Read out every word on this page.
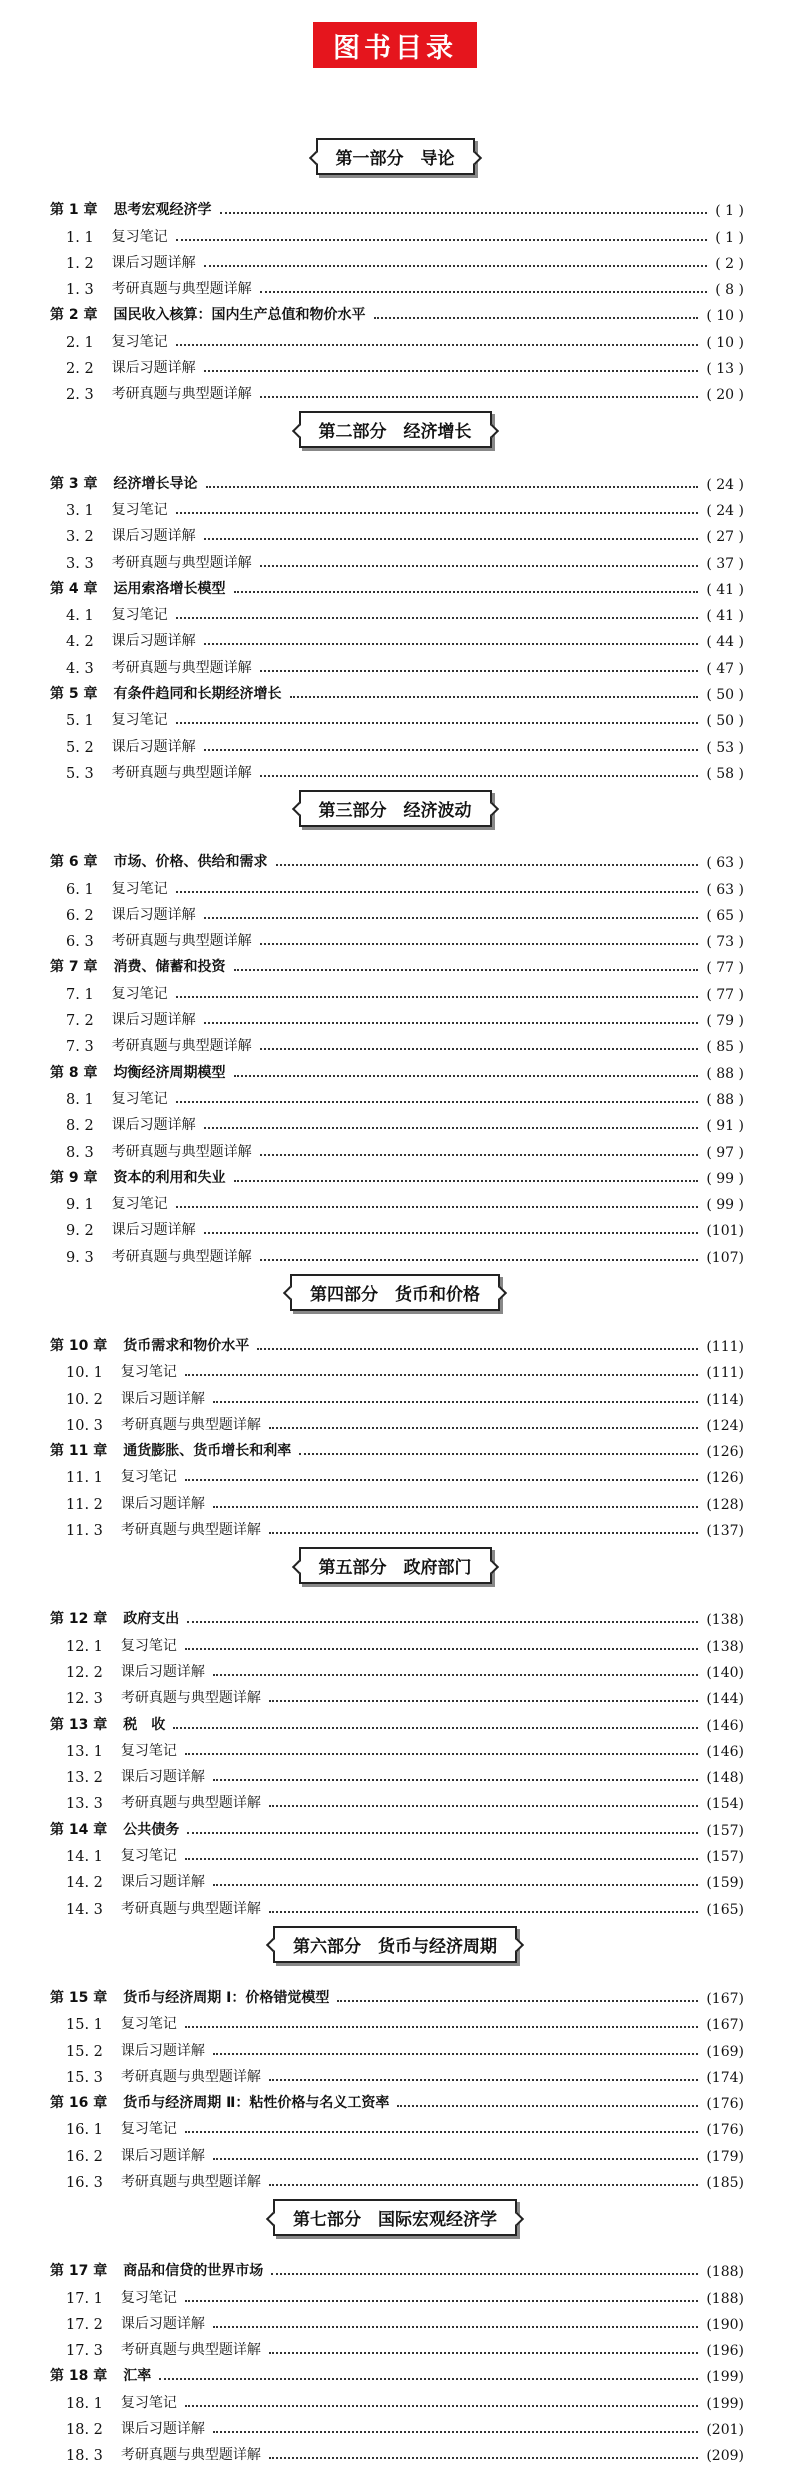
图书目录
第一部分　导论
第 1 章 思考宏观经济学	( 1 )
1. 1 复习笔记	( 1 )
1. 2 课后习题详解	( 2 )
1. 3 考研真题与典型题详解	( 8 )
第 2 章 国民收入核算：国内生产总值和物价水平	( 10 )
2. 1 复习笔记	( 10 )
2. 2 课后习题详解	( 13 )
2. 3 考研真题与典型题详解	( 20 )
第二部分　经济增长
第 3 章 经济增长导论	( 24 )
3. 1 复习笔记	( 24 )
3. 2 课后习题详解	( 27 )
3. 3 考研真题与典型题详解	( 37 )
第 4 章 运用索洛增长模型	( 41 )
4. 1 复习笔记	( 41 )
4. 2 课后习题详解	( 44 )
4. 3 考研真题与典型题详解	( 47 )
第 5 章 有条件趋同和长期经济增长	( 50 )
5. 1 复习笔记	( 50 )
5. 2 课后习题详解	( 53 )
5. 3 考研真题与典型题详解	( 58 )
第三部分　经济波动
第 6 章 市场、价格、供给和需求	( 63 )
6. 1 复习笔记	( 63 )
6. 2 课后习题详解	( 65 )
6. 3 考研真题与典型题详解	( 73 )
第 7 章 消费、储蓄和投资	( 77 )
7. 1 复习笔记	( 77 )
7. 2 课后习题详解	( 79 )
7. 3 考研真题与典型题详解	( 85 )
第 8 章 均衡经济周期模型	( 88 )
8. 1 复习笔记	( 88 )
8. 2 课后习题详解	( 91 )
8. 3 考研真题与典型题详解	( 97 )
第 9 章 资本的利用和失业	( 99 )
9. 1 复习笔记	( 99 )
9. 2 课后习题详解	(101)
9. 3 考研真题与典型题详解	(107)
第四部分　货币和价格
第 10 章 货币需求和物价水平	(111)
10. 1 复习笔记	(111)
10. 2 课后习题详解	(114)
10. 3 考研真题与典型题详解	(124)
第 11 章 通货膨胀、货币增长和利率	(126)
11. 1 复习笔记	(126)
11. 2 课后习题详解	(128)
11. 3 考研真题与典型题详解	(137)
第五部分　政府部门
第 12 章 政府支出	(138)
12. 1 复习笔记	(138)
12. 2 课后习题详解	(140)
12. 3 考研真题与典型题详解	(144)
第 13 章 税　收	(146)
13. 1 复习笔记	(146)
13. 2 课后习题详解	(148)
13. 3 考研真题与典型题详解	(154)
第 14 章 公共债务	(157)
14. 1 复习笔记	(157)
14. 2 课后习题详解	(159)
14. 3 考研真题与典型题详解	(165)
第六部分　货币与经济周期
第 15 章 货币与经济周期 Ⅰ：价格错觉模型	(167)
15. 1 复习笔记	(167)
15. 2 课后习题详解	(169)
15. 3 考研真题与典型题详解	(174)
第 16 章 货币与经济周期 Ⅱ：粘性价格与名义工资率	(176)
16. 1 复习笔记	(176)
16. 2 课后习题详解	(179)
16. 3 考研真题与典型题详解	(185)
第七部分　国际宏观经济学
第 17 章 商品和信贷的世界市场	(188)
17. 1 复习笔记	(188)
17. 2 课后习题详解	(190)
17. 3 考研真题与典型题详解	(196)
第 18 章 汇率	(199)
18. 1 复习笔记	(199)
18. 2 课后习题详解	(201)
18. 3 考研真题与典型题详解	(209)
